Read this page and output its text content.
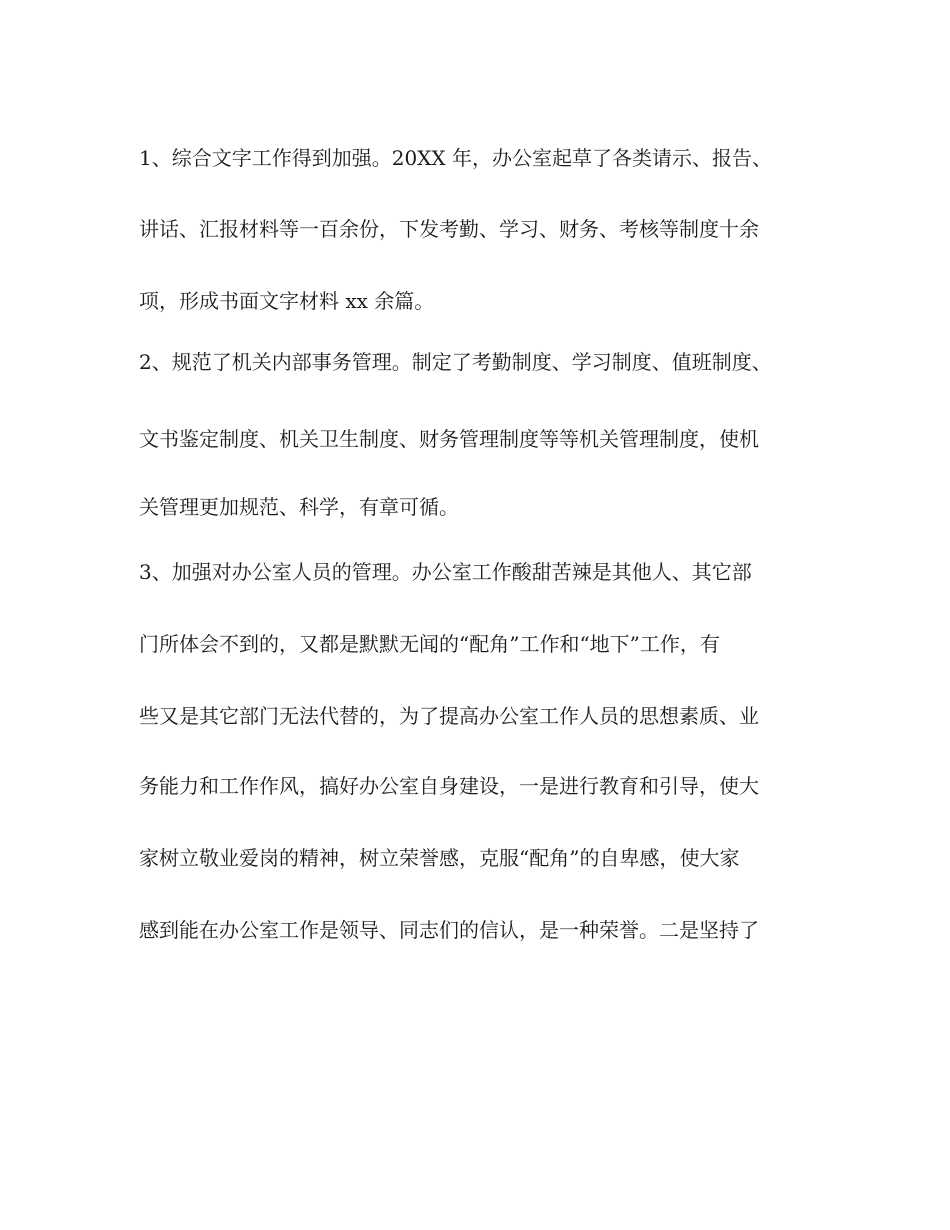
1、综合文字工作得到加强。20XX 年，办公室起草了各类请示、报告、

讲话、汇报材料等一百余份，下发考勤、学习、财务、考核等制度十余

项，形成书面文字材料 xx 余篇。

2、规范了机关内部事务管理。制定了考勤制度、学习制度、值班制度、

文书鉴定制度、机关卫生制度、财务管理制度等等机关管理制度，使机

关管理更加规范、科学，有章可循。

3、加强对办公室人员的管理。办公室工作酸甜苦辣是其他人、其它部

门所体会不到的，又都是默默无闻的“配角”工作和“地下”工作，有

些又是其它部门无法代替的，为了提高办公室工作人员的思想素质、业

务能力和工作作风，搞好办公室自身建设，一是进行教育和引导，使大

家树立敬业爱岗的精神，树立荣誉感，克服“配角”的自卑感，使大家

感到能在办公室工作是领导、同志们的信认，是一种荣誉。二是坚持了
